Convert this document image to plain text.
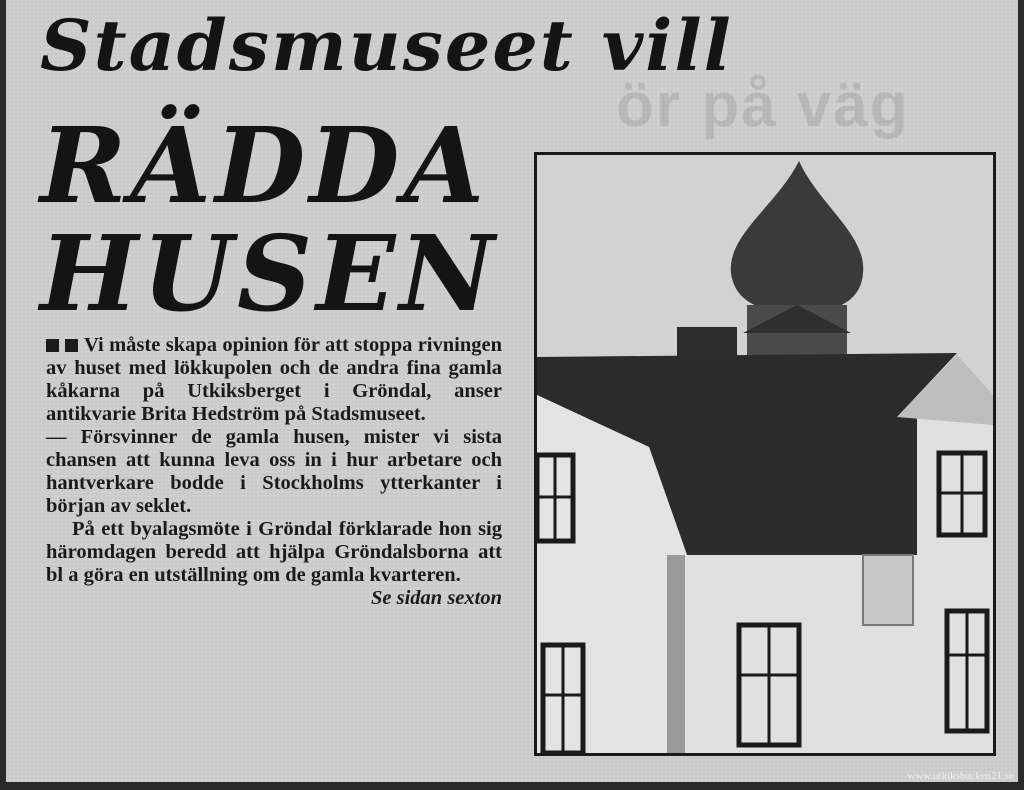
ör på väg
Stadsmuseet vill
RÄDDA
HUSEN

Vi måste skapa opinion för att stoppa rivningen av huset med lökkupolen och de andra fina gamla kåkarna på Utkiksberget i Gröndal, anser antikvarie Brita Hedström på Stadsmuseet.

— Försvinner de gamla husen, mister vi sista chansen att kunna leva oss in i hur arbetare och hantverkare bodde i Stockholms ytterkanter i början av seklet.

På ett byalagsmöte i Gröndal förklarade hon sig häromdagen beredd att hjälpa Gröndalsborna att bl a göra en utställning om de gamla kvarteren.
Se sidan sexton

www.utkiksbacken21.se
